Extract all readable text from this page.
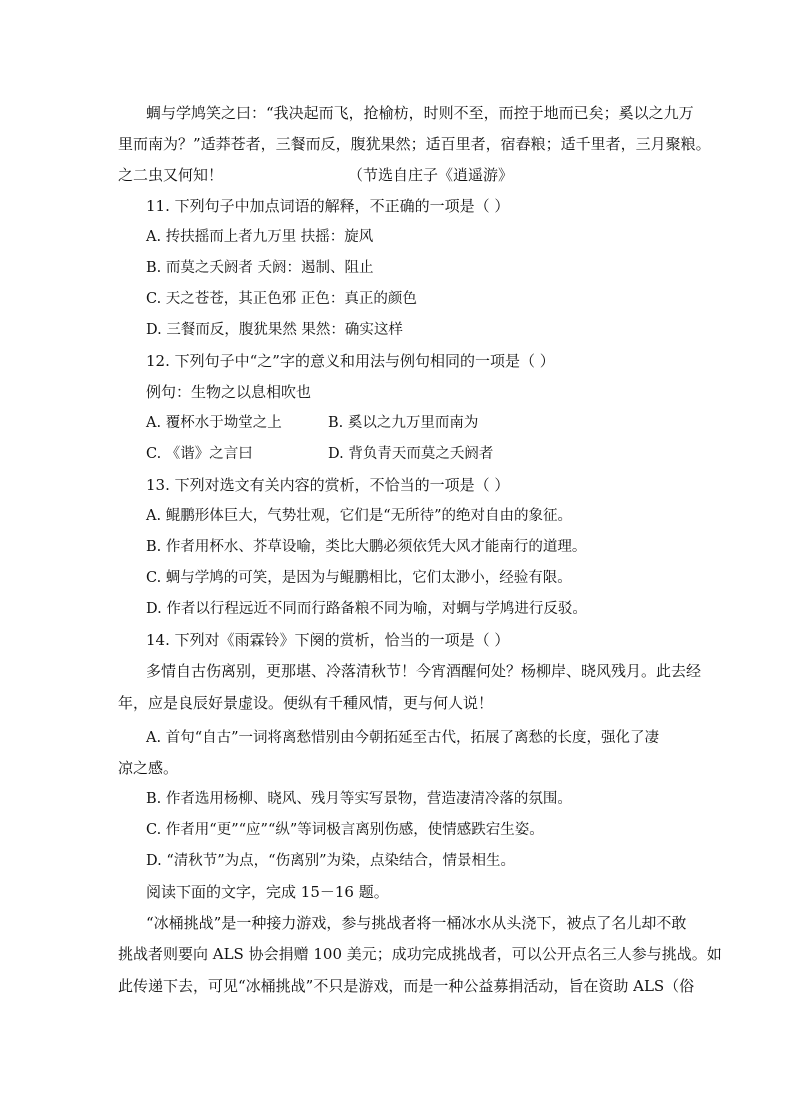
蜩与学鸠笑之曰：“我决起而飞，抢榆枋，时则不至，而控于地而已矣；奚以之九万
里而南为？”适莽苍者，三餐而反，腹犹果然；适百里者，宿舂粮；适千里者，三月聚粮。
之二虫又何知！	（节选自庄子《逍遥游》
11. 下列句子中加点词语的解释，不正确的一项是（ ）
A. 抟扶摇而上者九万里 扶摇：旋风
B. 而莫之夭阏者 夭阏：遏制、阻止
C. 天之苍苍，其正色邪 正色：真正的颜色
D. 三餐而反，腹犹果然 果然：确实这样
12. 下列句子中“之”字的意义和用法与例句相同的一项是（ ）
例句：生物之以息相吹也
A. 覆杯水于坳堂之上	B. 奚以之九万里而南为
C. 《谐》之言曰	D. 背负青天而莫之夭阏者
13. 下列对选文有关内容的赏析，不恰当的一项是（ ）
A. 鲲鹏形体巨大，气势壮观，它们是“无所待”的绝对自由的象征。
B. 作者用杯水、芥草设喻，类比大鹏必须依凭大风才能南行的道理。
C. 蜩与学鸠的可笑，是因为与鲲鹏相比，它们太渺小，经验有限。
D. 作者以行程远近不同而行路备粮不同为喻，对蜩与学鸠进行反驳。
14. 下列对《雨霖铃》下阕的赏析，恰当的一项是（ ）
多情自古伤离别，更那堪、冷落清秋节！今宵酒醒何处？杨柳岸、晓风残月。此去经
年，应是良辰好景虚设。便纵有千種风情，更与何人说！
A. 首句“自古”一词将离愁惜别由今朝拓延至古代，拓展了离愁的长度，强化了凄
凉之感。
B. 作者选用杨柳、晓风、残月等实写景物，营造凄清冷落的氛围。
C. 作者用“更”“应”“纵”等词极言离别伤感，使情感跌宕生姿。
D. “清秋节”为点，“伤离别”为染，点染结合，情景相生。
阅读下面的文字，完成 15－16 题。
“冰桶挑战”是一种接力游戏，参与挑战者将一桶冰水从头浇下，被点了名儿却不敢
挑战者则要向 ALS 协会捐赠 100 美元；成功完成挑战者，可以公开点名三人参与挑战。如
此传递下去，可见“冰桶挑战”不只是游戏，而是一种公益募捐活动，旨在资助 ALS（俗
